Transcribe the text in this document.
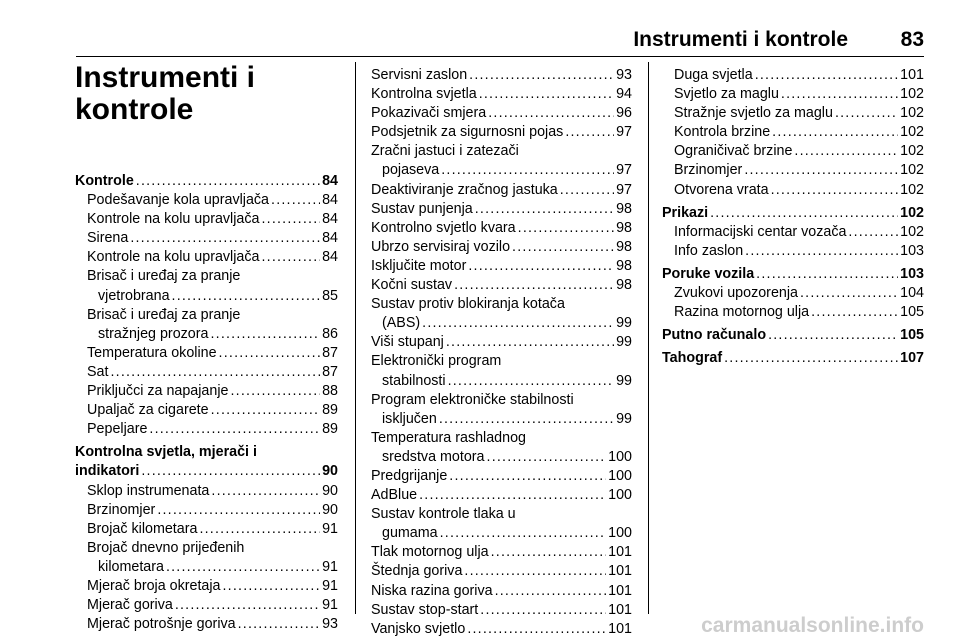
Instrumenti i kontrole	83
Instrumenti i
kontrole
Kontrole .....	84
Podešavanje kola upravljača .....	84
Kontrole na kolu upravljača .....	84
Sirena .....	84
Kontrole na kolu upravljača .....	84
Brisač i uređaj za pranje
vjetrobrana .....	85
Brisač i uređaj za pranje
stražnjeg prozora .....	86
Temperatura okoline .....	87
Sat .....	87
Priključci za napajanje .....	88
Upaljač za cigarete .....	89
Pepeljare .....	89
Kontrolna svjetla, mjerači i
indikatori .....	90
Sklop instrumenata .....	90
Brzinomjer .....	90
Brojač kilometara .....	91
Brojač dnevno prijeđenih
kilometara .....	91
Mjerač broja okretaja .....	91
Mjerač goriva .....	91
Mjerač potrošnje goriva .....	93
Servisni zaslon .....	93
Kontrolna svjetla .....	94
Pokazivači smjera .....	96
Podsjetnik za sigurnosni pojas .....	97
Zračni jastuci i zatezači
pojaseva .....	97
Deaktiviranje zračnog jastuka .....	97
Sustav punjenja .....	98
Kontrolno svjetlo kvara .....	98
Ubrzo servisiraj vozilo .....	98
Isključite motor .....	98
Kočni sustav .....	98
Sustav protiv blokiranja kotača
(ABS) .....	99
Viši stupanj .....	99
Elektronički program
stabilnosti .....	99
Program elektroničke stabilnosti
isključen .....	99
Temperatura rashladnog
sredstva motora .....	100
Predgrijanje .....	100
AdBlue .....	100
Sustav kontrole tlaka u
gumama .....	100
Tlak motornog ulja .....	101
Štednja goriva .....	101
Niska razina goriva .....	101
Sustav stop-start .....	101
Vanjsko svjetlo .....	101
Duga svjetla .....	101
Svjetlo za maglu .....	102
Stražnje svjetlo za maglu .....	102
Kontrola brzine .....	102
Ograničivač brzine .....	102
Brzinomjer .....	102
Otvorena vrata .....	102
Prikazi .....	102
Informacijski centar vozača .....	102
Info zaslon .....	103
Poruke vozila .....	103
Zvukovi upozorenja .....	104
Razina motornog ulja .....	105
Putno računalo .....	105
Tahograf .....	107
carmanualsonline.info
